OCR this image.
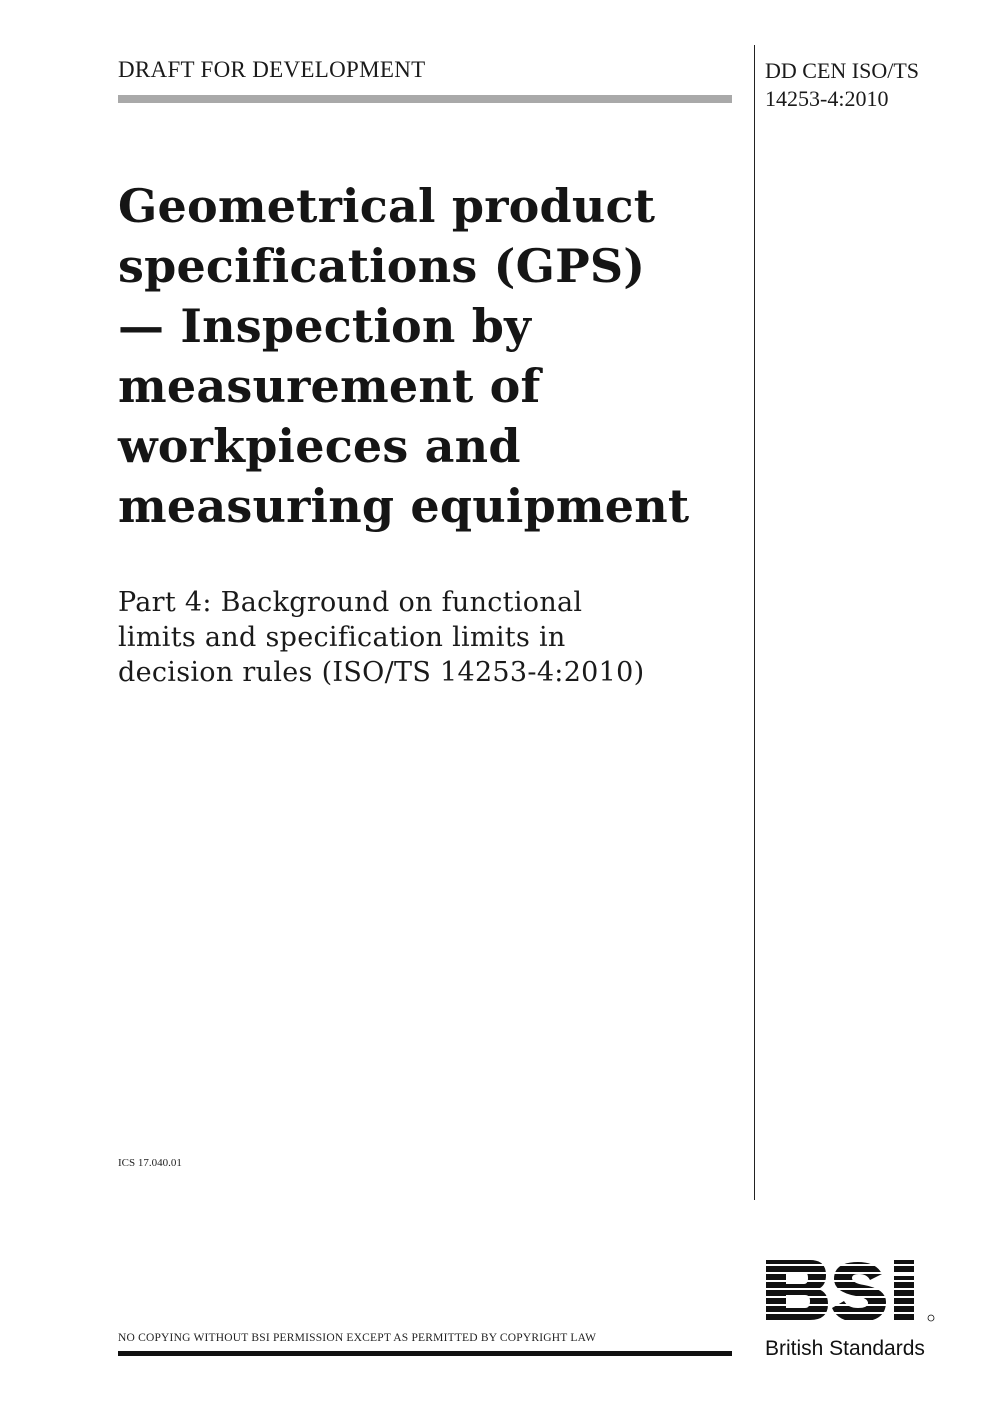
DRAFT FOR DEVELOPMENT	DD CEN ISO/TS
14253-4:2010
Geometrical product
specifications (GPS)
— Inspection by
measurement of
workpieces and
measuring equipment
Part 4: Background on functional
limits and specification limits in
decision rules (ISO/TS 14253-4:2010)
ICS 17.040.01
NO COPYING WITHOUT BSI PERMISSION EXCEPT AS PERMITTED BY COPYRIGHT LAW	British Standards
